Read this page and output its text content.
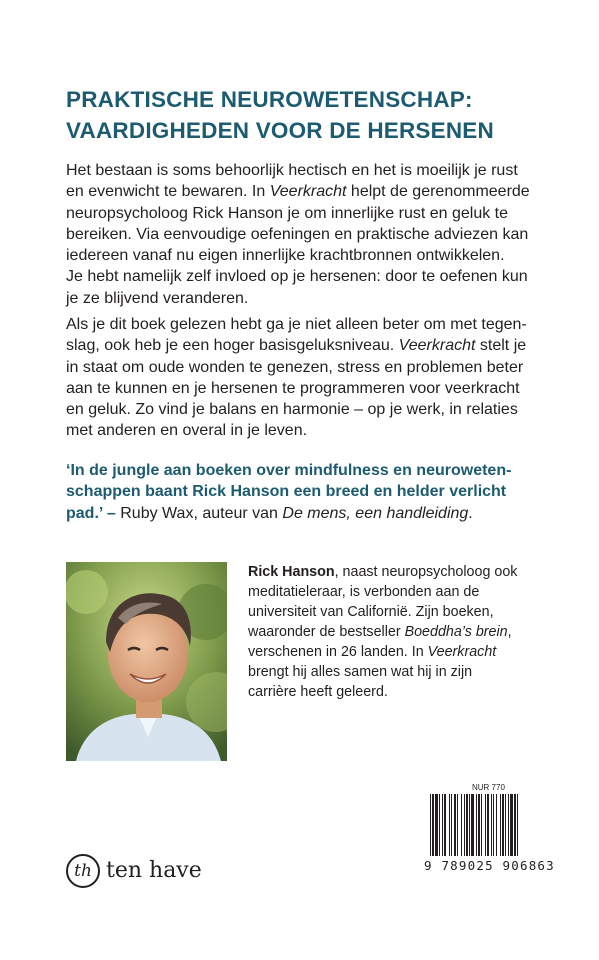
PRAKTISCHE NEUROWETENSCHAP:
VAARDIGHEDEN VOOR DE HERSENEN
Het bestaan is soms behoorlijk hectisch en het is moeilijk je rust
en evenwicht te bewaren. In Veerkracht helpt de gerenommeerde
neuropsycholoog Rick Hanson je om innerlijke rust en geluk te
bereiken. Via eenvoudige oefeningen en praktische adviezen kan
iedereen vanaf nu eigen innerlijke krachtbronnen ontwikkelen.
Je hebt namelijk zelf invloed op je hersenen: door te oefenen kun
je ze blijvend veranderen.
Als je dit boek gelezen hebt ga je niet alleen beter om met tegen-
slag, ook heb je een hoger basisgeluksniveau. Veerkracht stelt je
in staat om oude wonden te genezen, stress en problemen beter
aan te kunnen en je hersenen te programmeren voor veerkracht
en geluk. Zo vind je balans en harmonie – op je werk, in relaties
met anderen en overal in je leven.
‘In de jungle aan boeken over mindfulness en neuroweten-
schappen baant Rick Hanson een breed en helder verlicht
pad.’ – Ruby Wax, auteur van De mens, een handleiding.
Rick Hanson, naast neuropsycholoog ook
meditatieleraar, is verbonden aan de
universiteit van Californië. Zijn boeken,
waaronder de bestseller Boeddha’s brein,
verschenen in 26 landen. In Veerkracht
brengt hij alles samen wat hij in zijn
carrière heeft geleerd.
th ten have
NUR 770
9 789025 906863
